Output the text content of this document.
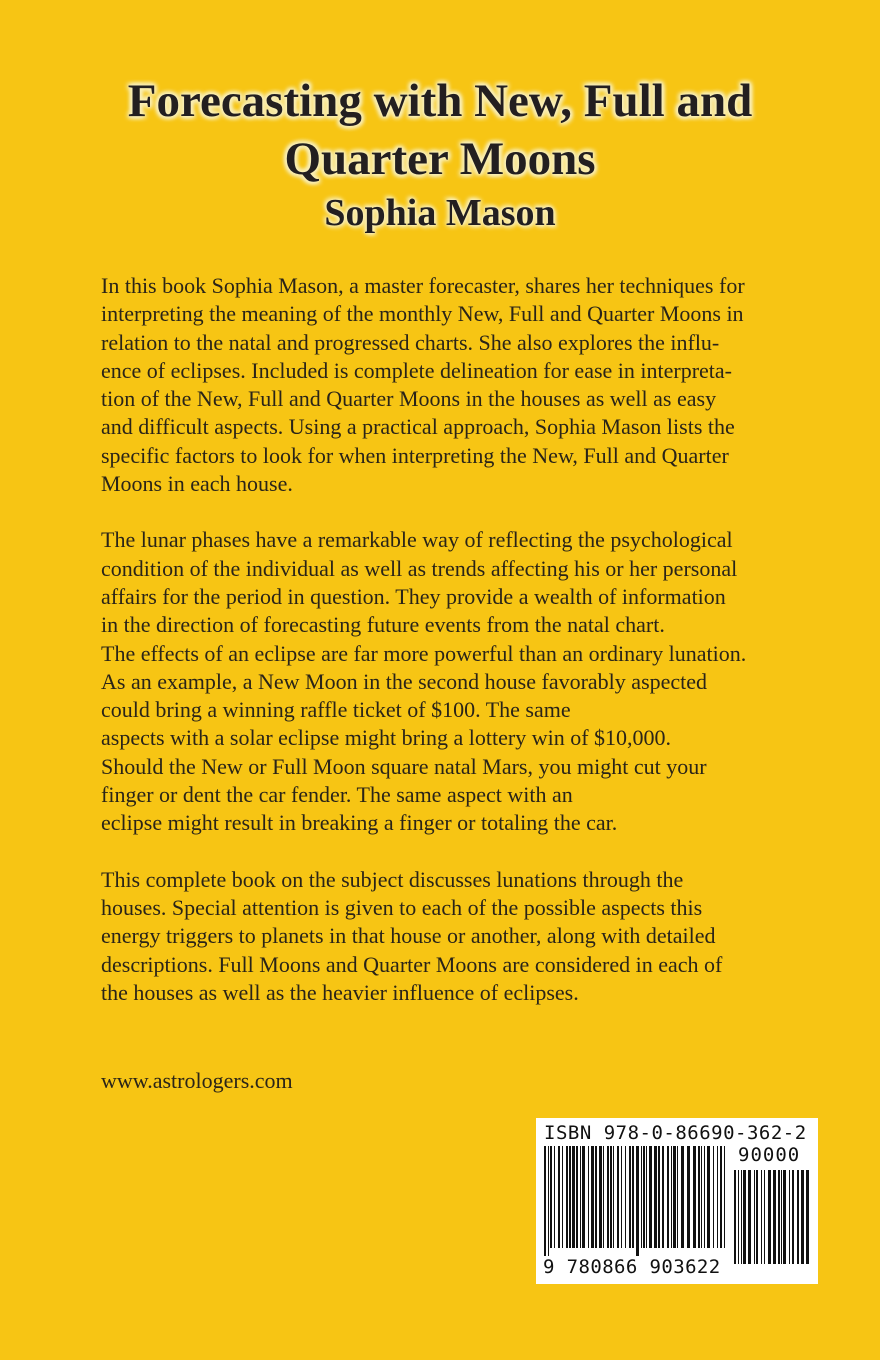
Forecasting with New, Full and
Quarter Moons
Sophia Mason
In this book Sophia Mason, a master forecaster, shares her techniques for
interpreting the meaning of the monthly New, Full and Quarter Moons in
relation to the natal and progressed charts. She also explores the influ-
ence of eclipses. Included is complete delineation for ease in interpreta-
tion of the New, Full and Quarter Moons in the houses as well as easy
and difficult aspects. Using a practical approach, Sophia Mason lists the
specific factors to look for when interpreting the New, Full and Quarter
Moons in each house.
The lunar phases have a remarkable way of reflecting the psychological
condition of the individual as well as trends affecting his or her personal
affairs for the period in question. They provide a wealth of information
in the direction of forecasting future events from the natal chart.
The effects of an eclipse are far more powerful than an ordinary lunation.
As an example, a New Moon in the second house favorably aspected
could bring a winning raffle ticket of $100. The same
aspects with a solar eclipse might bring a lottery win of $10,000.
Should the New or Full Moon square natal Mars, you might cut your
finger or dent the car fender. The same aspect with an
eclipse might result in breaking a finger or totaling the car.
This complete book on the subject discusses lunations through the
houses. Special attention is given to each of the possible aspects this
energy triggers to planets in that house or another, along with detailed
descriptions. Full Moons and Quarter Moons are considered in each of
the houses as well as the heavier influence of eclipses.
www.astrologers.com
ISBN 978-0-86690-362-2
90000
9 780866 903622
